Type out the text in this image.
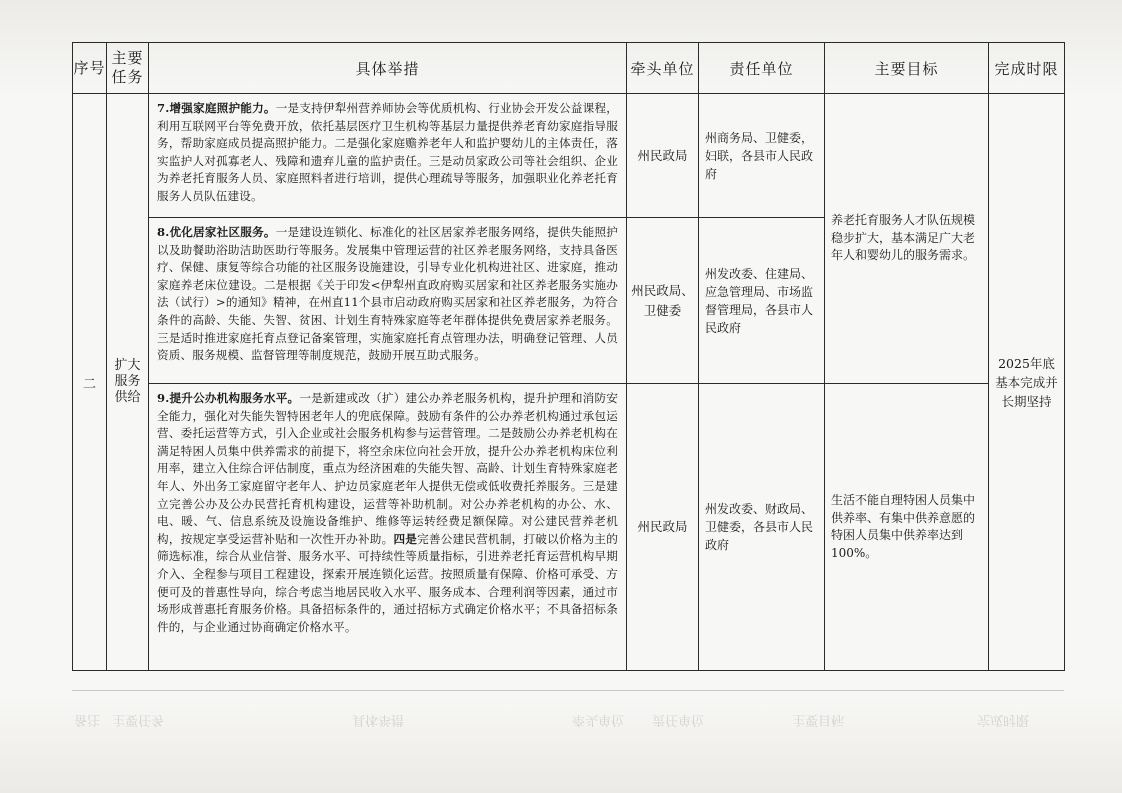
序号	主要任务	具体举措	牵头单位	责任单位	主要目标	完成时限
二	扩大服务供给	7.增强家庭照护能力。一是支持伊犁州营养师协会等优质机构、行业协会开发公益课程，利用互联网平台等免费开放，依托基层医疗卫生机构等基层力量提供养老育幼家庭指导服务，帮助家庭成员提高照护能力。二是强化家庭赡养老年人和监护婴幼儿的主体责任，落实监护人对孤寡老人、残障和遗弃儿童的监护责任。三是动员家政公司等社会组织、企业为养老托育服务人员、家庭照料者进行培训，提供心理疏导等服务，加强职业化养老托育服务人员队伍建设。	州民政局	州商务局、卫健委，妇联，各县市人民政府	养老托育服务人才队伍规模稳步扩大，基本满足广大老年人和婴幼儿的服务需求。	2025年底基本完成并长期坚持
		8.优化居家社区服务。一是建设连锁化、标准化的社区居家养老服务网络，提供失能照护以及助餐助浴助洁助医助行等服务。发展集中管理运营的社区养老服务网络，支持具备医疗、保健、康复等综合功能的社区服务设施建设，引导专业化机构进社区、进家庭，推动家庭养老床位建设。二是根据《关于印发<伊犁州直政府购买居家和社区养老服务实施办法（试行）>的通知》精神，在州直11个县市启动政府购买居家和社区养老服务，为符合条件的高龄、失能、失智、贫困、计划生育特殊家庭等老年群体提供免费居家养老服务。三是适时推进家庭托育点登记备案管理，实施家庭托育点管理办法，明确登记管理、人员资质、服务规模、监督管理等制度规范，鼓励开展互助式服务。	州民政局、卫健委	州发改委、住建局、应急管理局、市场监督管理局，各县市人民政府		
		9.提升公办机构服务水平。一是新建或改（扩）建公办养老服务机构，提升护理和消防安全能力，强化对失能失智特困老年人的兜底保障。鼓励有条件的公办养老机构通过承包运营、委托运营等方式，引入企业或社会服务机构参与运营管理。二是鼓励公办养老机构在满足特困人员集中供养需求的前提下，将空余床位向社会开放，提升公办养老机构床位利用率，建立入住综合评估制度，重点为经济困难的失能失智、高龄、计划生育特殊家庭老年人、外出务工家庭留守老年人、护边员家庭老年人提供无偿或低收费托养服务。三是建立完善公办及公办民营托育机构建设，运营等补助机制。对公办养老机构的办公、水、电、暖、气、信息系统及设施设备维护、维修等运转经费足额保障。对公建民营养老机构，按规定享受运营补贴和一次性开办补助。四是完善公建民营机制，打破以价格为主的筛选标准，综合从业信誉、服务水平、可持续性等质量指标，引进养老托育运营机构早期介入、全程参与项目工程建设，探索开展连锁化运营。按照质量有保障、价格可承受、方便可及的普惠性导向，综合考虑当地居民收入水平、服务成本、合理利润等因素，通过市场形成普惠托育服务价格。具备招标条件的，通过招标方式确定价格水平；不具备招标条件的，与企业通过协商确定价格水平。	州民政局	州发改委、财政局、卫健委，各县市人民政府	生活不能自理特困人员集中供养率、有集中供养意愿的特困人员集中供养率达到100%。	
备注 主要任务	具体举措	牵头单位 责任单位	主要目标	完成时限
